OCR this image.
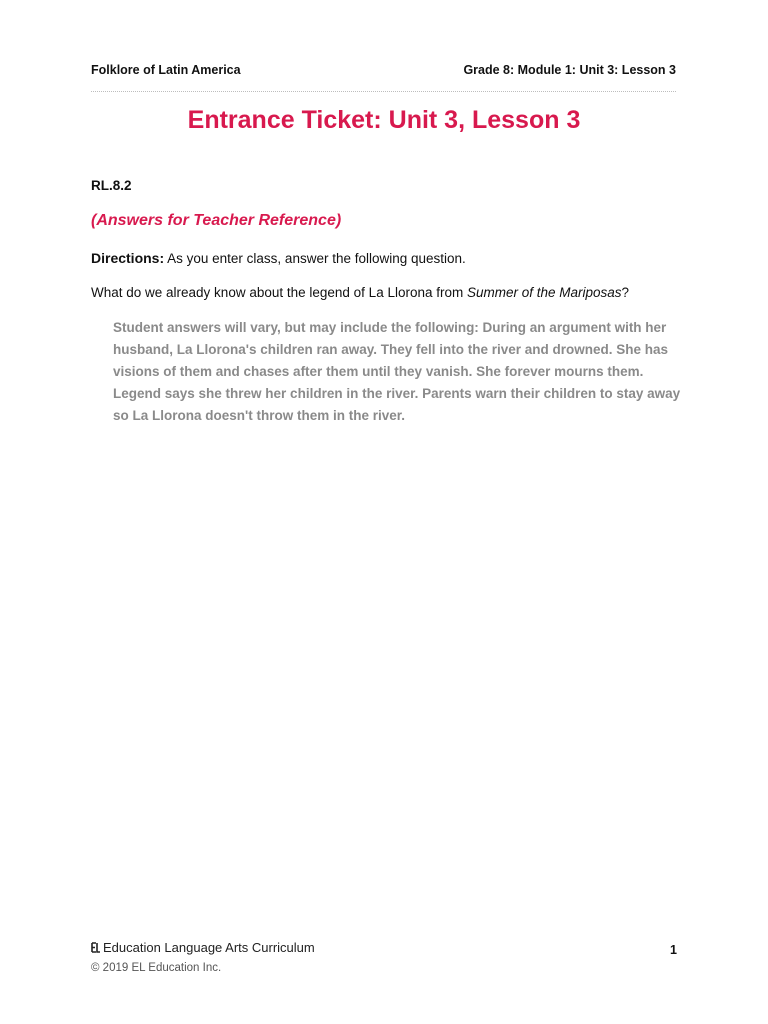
Folklore of Latin America	Grade 8: Module 1: Unit 3: Lesson 3
Entrance Ticket: Unit 3, Lesson 3
RL.8.2
(Answers for Teacher Reference)
Directions: As you enter class, answer the following question.
What do we already know about the legend of La Llorona from Summer of the Mariposas?
Student answers will vary, but may include the following: During an argument with her husband, La Llorona's children ran away. They fell into the river and drowned. She has visions of them and chases after them until they vanish. She forever mourns them. Legend says she threw her children in the river. Parents warn their children to stay away so La Llorona doesn't throw them in the river.
Education Language Arts Curriculum
© 2019 EL Education Inc.
1
